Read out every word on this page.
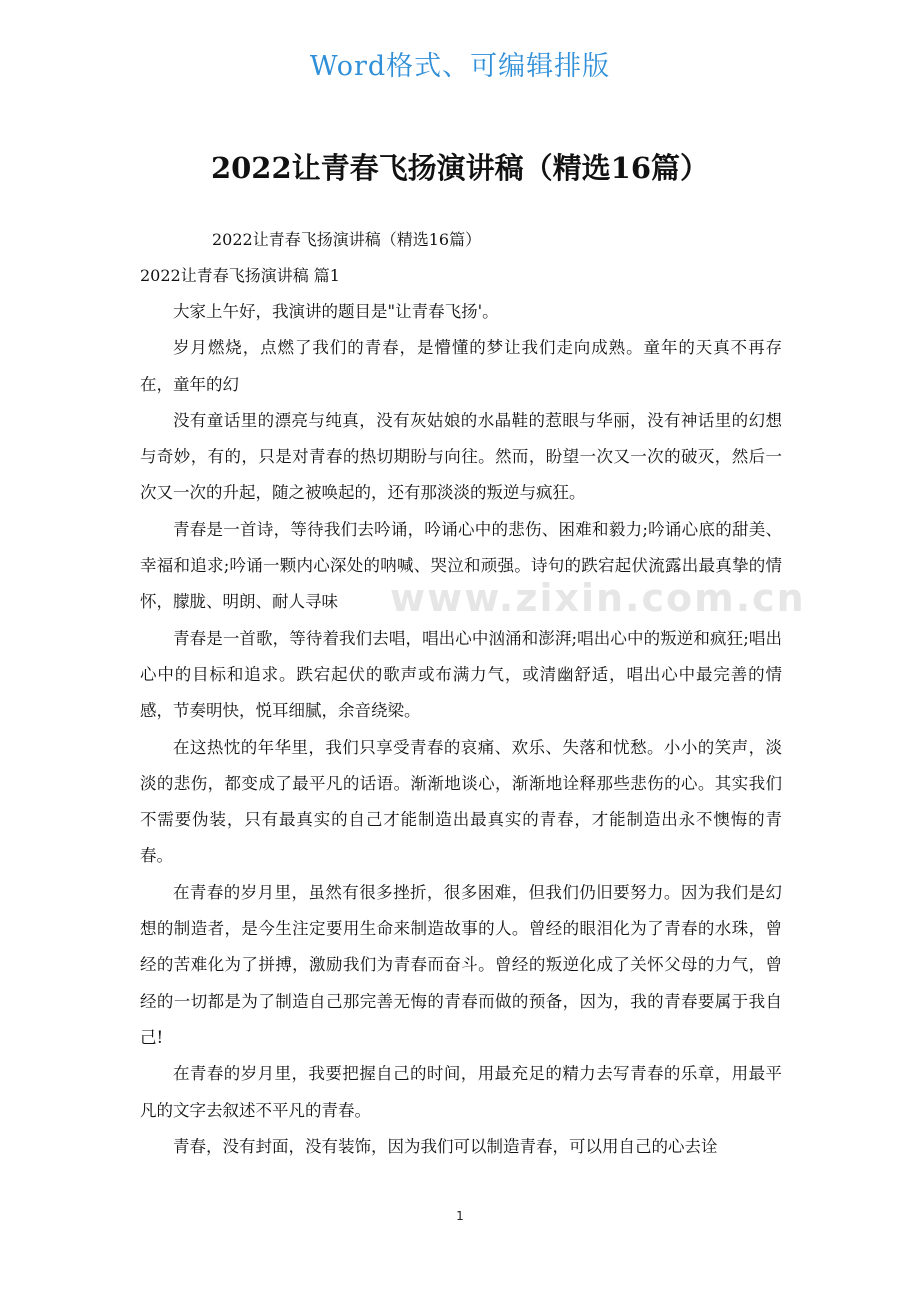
Word格式、可编辑排版
2022让青春飞扬演讲稿（精选16篇）
2022让青春飞扬演讲稿（精选16篇）
2022让青春飞扬演讲稿 篇1

大家上午好，我演讲的题目是"让青春飞扬'。

岁月燃烧，点燃了我们的青春，是懵懂的梦让我们走向成熟。童年的天真不再存在，童年的幻

没有童话里的漂亮与纯真，没有灰姑娘的水晶鞋的惹眼与华丽，没有神话里的幻想与奇妙，有的，只是对青春的热切期盼与向往。然而，盼望一次又一次的破灭，然后一次又一次的升起，随之被唤起的，还有那淡淡的叛逆与疯狂。

青春是一首诗，等待我们去吟诵，吟诵心中的悲伤、困难和毅力;吟诵心底的甜美、幸福和追求;吟诵一颗内心深处的呐喊、哭泣和顽强。诗句的跌宕起伏流露出最真挚的情怀，朦胧、明朗、耐人寻味

青春是一首歌，等待着我们去唱，唱出心中汹涌和澎湃;唱出心中的叛逆和疯狂;唱出心中的目标和追求。跌宕起伏的歌声或布满力气，或清幽舒适，唱出心中最完善的情感，节奏明快，悦耳细腻，余音绕梁。

在这热忱的年华里，我们只享受青春的哀痛、欢乐、失落和忧愁。小小的笑声，淡淡的悲伤，都变成了最平凡的话语。渐渐地谈心，渐渐地诠释那些悲伤的心。其实我们不需要伪装，只有最真实的自己才能制造出最真实的青春，才能制造出永不懊悔的青春。

在青春的岁月里，虽然有很多挫折，很多困难，但我们仍旧要努力。因为我们是幻想的制造者，是今生注定要用生命来制造故事的人。曾经的眼泪化为了青春的水珠，曾经的苦难化为了拼搏，激励我们为青春而奋斗。曾经的叛逆化成了关怀父母的力气，曾经的一切都是为了制造自己那完善无悔的青春而做的预备，因为，我的青春要属于我自己!

在青春的岁月里，我要把握自己的时间，用最充足的精力去写青春的乐章，用最平凡的文字去叙述不平凡的青春。

青春，没有封面，没有装饰，因为我们可以制造青春，可以用自己的心去诠

www.zixin.com.cn
1
